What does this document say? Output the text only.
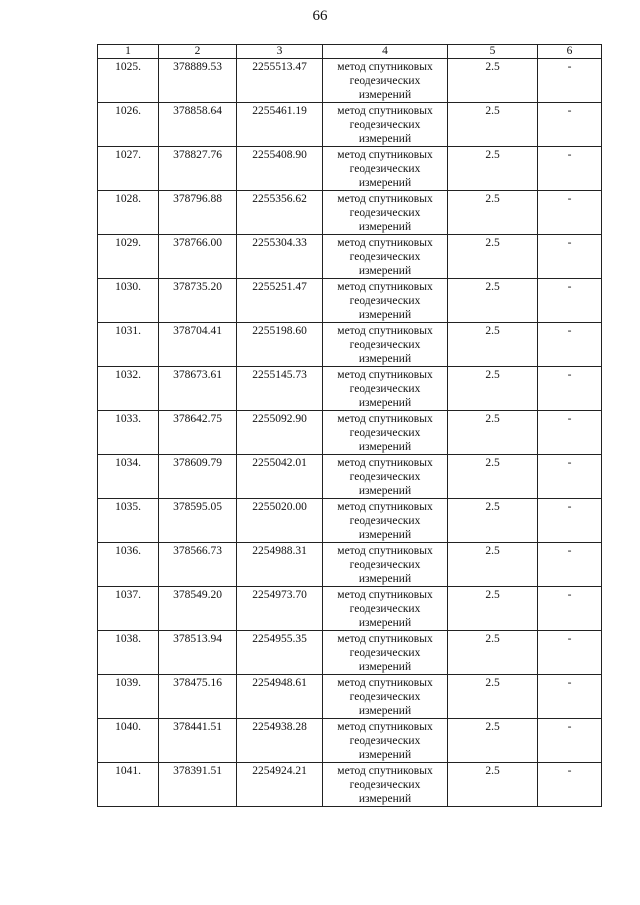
66
1	2	3	4	5	6
1025.	378889.53	2255513.47	метод спутниковых геодезических измерений	2.5	-
1026.	378858.64	2255461.19	метод спутниковых геодезических измерений	2.5	-
1027.	378827.76	2255408.90	метод спутниковых геодезических измерений	2.5	-
1028.	378796.88	2255356.62	метод спутниковых геодезических измерений	2.5	-
1029.	378766.00	2255304.33	метод спутниковых геодезических измерений	2.5	-
1030.	378735.20	2255251.47	метод спутниковых геодезических измерений	2.5	-
1031.	378704.41	2255198.60	метод спутниковых геодезических измерений	2.5	-
1032.	378673.61	2255145.73	метод спутниковых геодезических измерений	2.5	-
1033.	378642.75	2255092.90	метод спутниковых геодезических измерений	2.5	-
1034.	378609.79	2255042.01	метод спутниковых геодезических измерений	2.5	-
1035.	378595.05	2255020.00	метод спутниковых геодезических измерений	2.5	-
1036.	378566.73	2254988.31	метод спутниковых геодезических измерений	2.5	-
1037.	378549.20	2254973.70	метод спутниковых геодезических измерений	2.5	-
1038.	378513.94	2254955.35	метод спутниковых геодезических измерений	2.5	-
1039.	378475.16	2254948.61	метод спутниковых геодезических измерений	2.5	-
1040.	378441.51	2254938.28	метод спутниковых геодезических измерений	2.5	-
1041.	378391.51	2254924.21	метод спутниковых геодезических измерений	2.5	-
